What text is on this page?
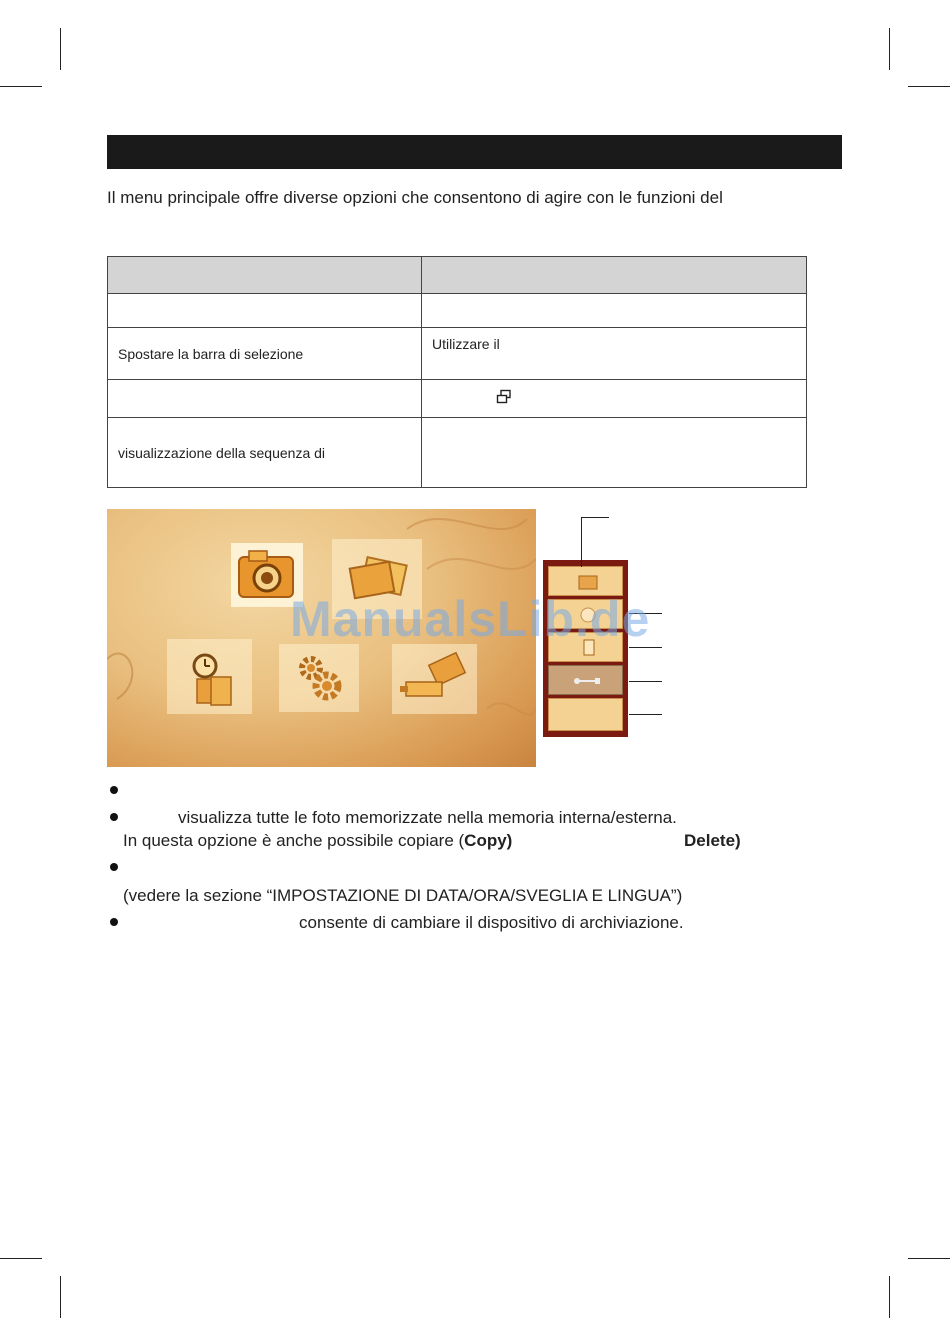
Il menu principale offre diverse opzioni che consentono di agire con le funzioni del

Spostare la barra di selezione	Utilizzare il

visualizzazione della sequenza di	
ManualsLib.de
visualizza tutte le foto memorizzate nella memoria interna/esterna.
In questa opzione è anche possibile copiare (Copy)	Delete)
(vedere la sezione “IMPOSTAZIONE DI DATA/ORA/SVEGLIA E LINGUA”)
consente di cambiare il dispositivo di archiviazione.
